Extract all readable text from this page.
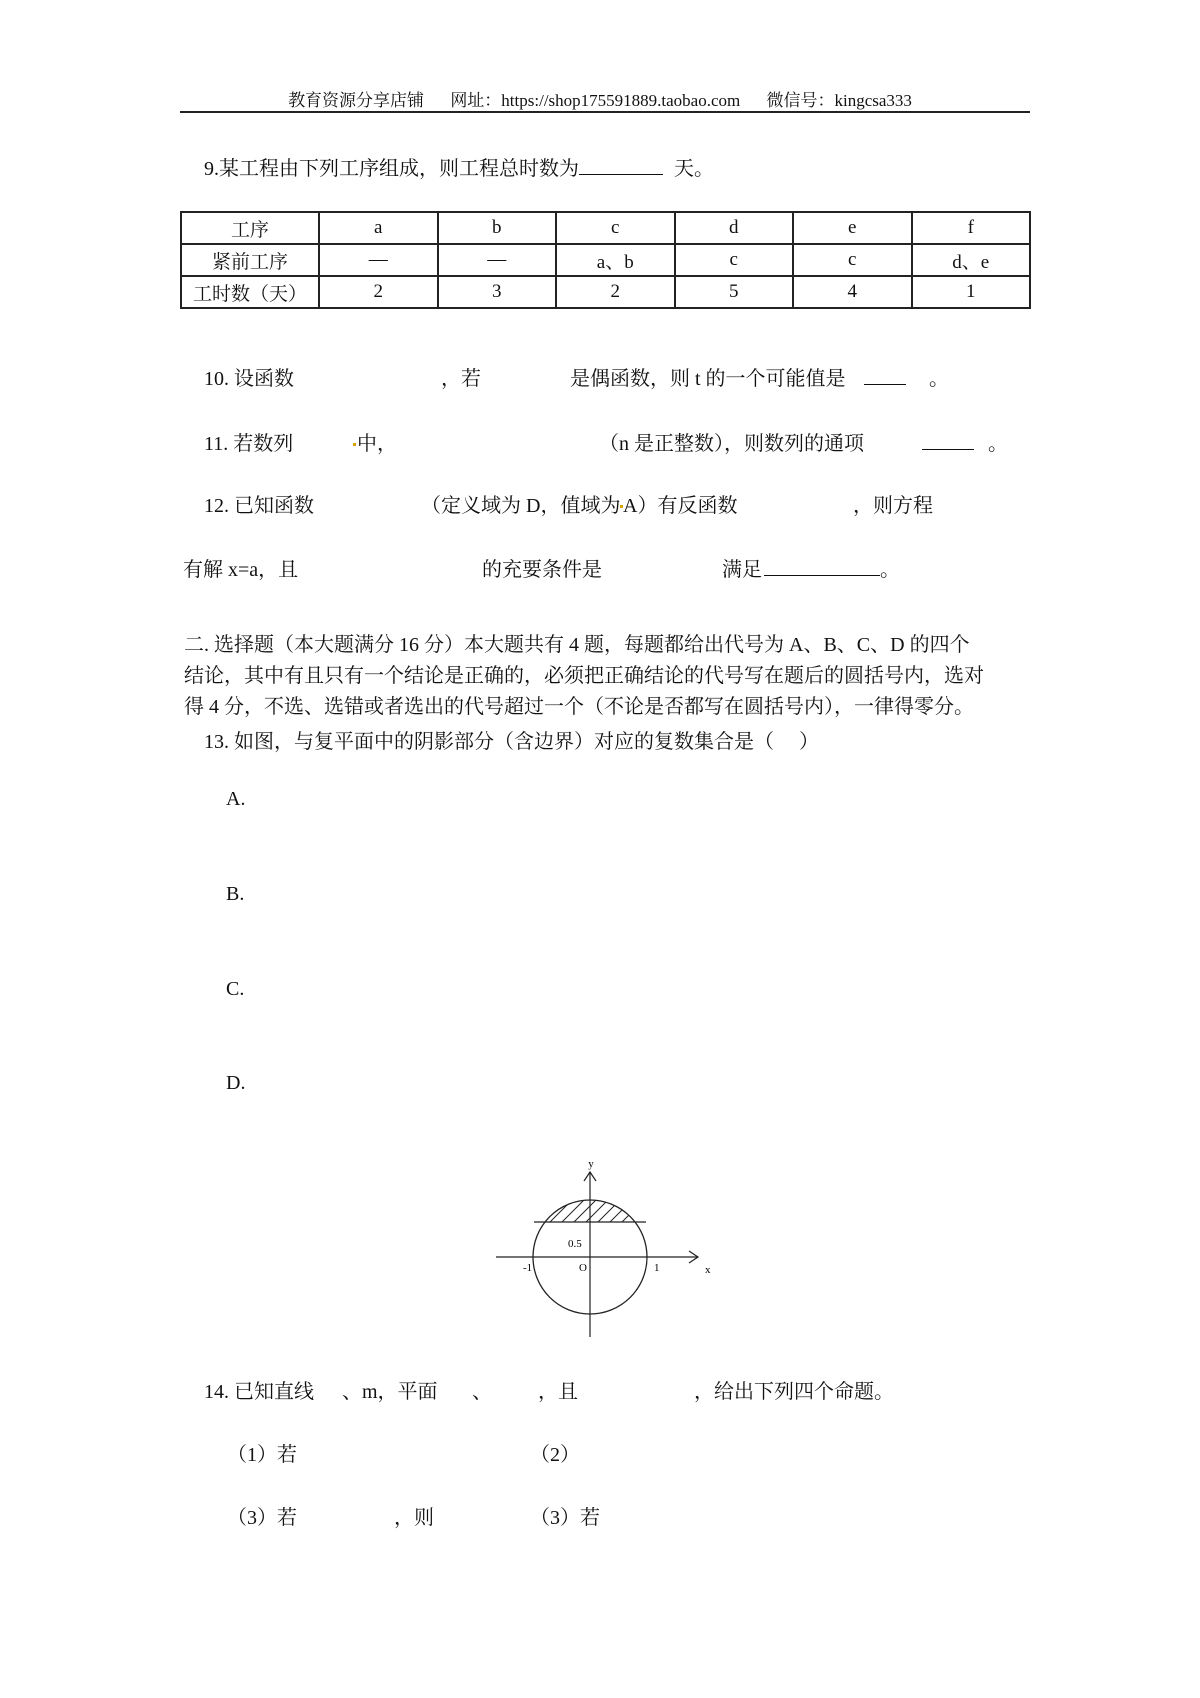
教育资源分享店铺 网址：https://shop175591889.taobao.com 微信号：kingcsa333
9.某工程由下列工序组成，则工程总时数为	天。
工序	a	b	c	d	e	f
紧前工序	—	—	a、b	c	c	d、e
工时数（天）	2	3	2	5	4	1
10. 设函数	，若	是偶函数，则 t 的一个可能值是	。
11. 若数列	中，	（n 是正整数），则数列的通项	。
12. 已知函数	（定义域为 D，值域为 A）有反函数	，则方程
有解 x=a，且	的充要条件是	满足	。
二. 选择题（本大题满分 16 分）本大题共有 4 题，每题都给出代号为 A、B、C、D 的四个
结论，其中有且只有一个结论是正确的，必须把正确结论的代号写在题后的圆括号内，选对
得 4 分，不选、选错或者选出的代号超过一个（不论是否都写在圆括号内），一律得零分。
13. 如图，与复平面中的阴影部分（含边界）对应的复数集合是（　 ）
A.
B.
C.
D.
y
x
O
-1	1
0.5
14. 已知直线 、m，平面 、 ，且	，给出下列四个命题。
（1）若	（2）
（3）若	，则	（3）若
